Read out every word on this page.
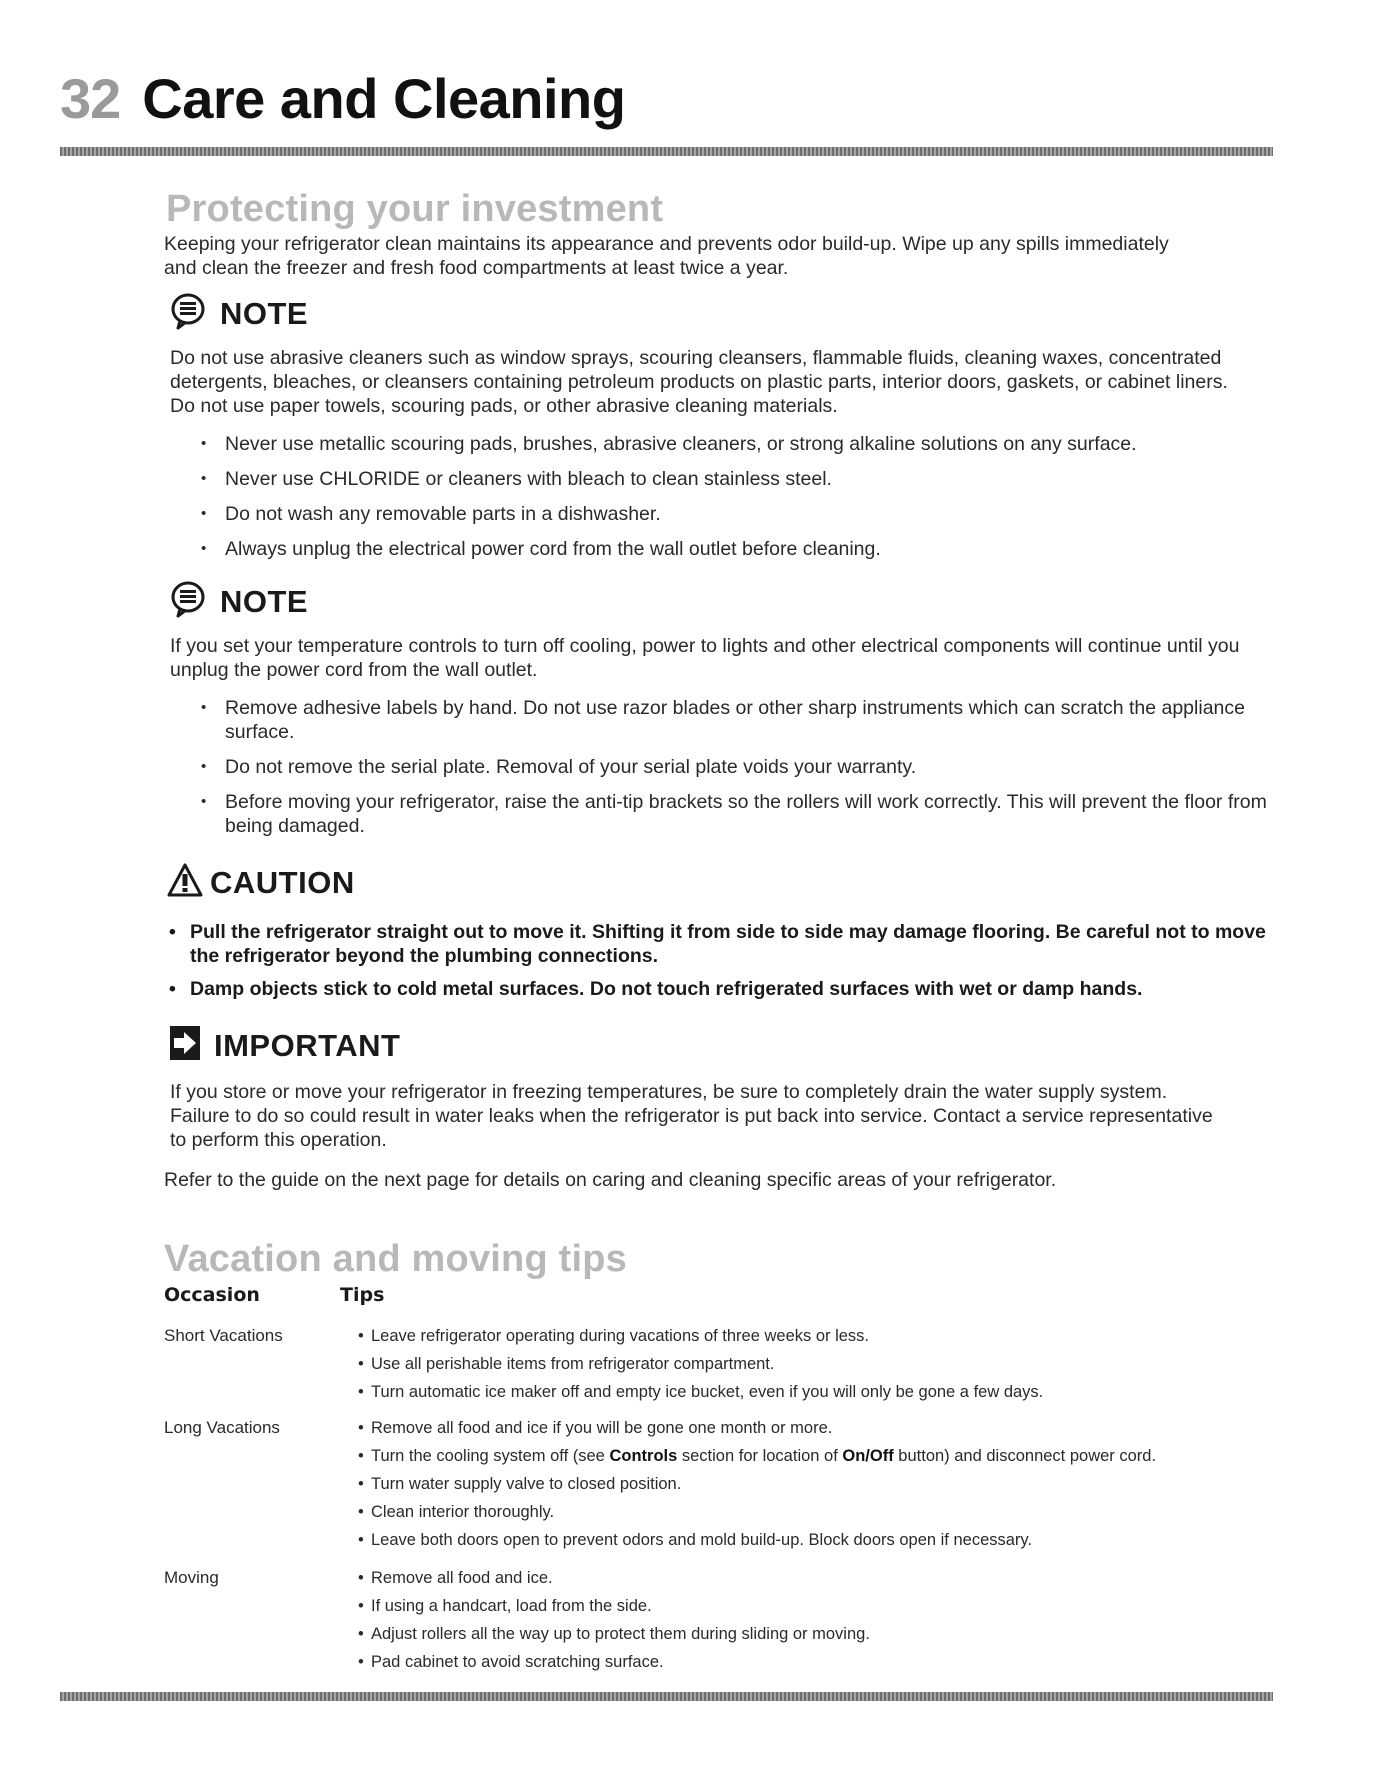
32 Care and Cleaning
Protecting your investment
Keeping your refrigerator clean maintains its appearance and prevents odor build-up. Wipe up any spills immediately and clean the freezer and fresh food compartments at least twice a year.
NOTE
Do not use abrasive cleaners such as window sprays, scouring cleansers, flammable fluids, cleaning waxes, concentrated detergents, bleaches, or cleansers containing petroleum products on plastic parts, interior doors, gaskets, or cabinet liners. Do not use paper towels, scouring pads, or other abrasive cleaning materials.
• Never use metallic scouring pads, brushes, abrasive cleaners, or strong alkaline solutions on any surface.
• Never use CHLORIDE or cleaners with bleach to clean stainless steel.
• Do not wash any removable parts in a dishwasher.
• Always unplug the electrical power cord from the wall outlet before cleaning.
NOTE
If you set your temperature controls to turn off cooling, power to lights and other electrical components will continue until you unplug the power cord from the wall outlet.
• Remove adhesive labels by hand. Do not use razor blades or other sharp instruments which can scratch the appliance surface.
• Do not remove the serial plate. Removal of your serial plate voids your warranty.
• Before moving your refrigerator, raise the anti-tip brackets so the rollers will work correctly. This will prevent the floor from being damaged.
CAUTION
• Pull the refrigerator straight out to move it. Shifting it from side to side may damage flooring. Be careful not to move the refrigerator beyond the plumbing connections.
• Damp objects stick to cold metal surfaces. Do not touch refrigerated surfaces with wet or damp hands.
IMPORTANT
If you store or move your refrigerator in freezing temperatures, be sure to completely drain the water supply system. Failure to do so could result in water leaks when the refrigerator is put back into service. Contact a service representative to perform this operation.
Refer to the guide on the next page for details on caring and cleaning specific areas of your refrigerator.
Vacation and moving tips
Occasion	Tips
Short Vacations	• Leave refrigerator operating during vacations of three weeks or less.
• Use all perishable items from refrigerator compartment.
• Turn automatic ice maker off and empty ice bucket, even if you will only be gone a few days.
Long Vacations	• Remove all food and ice if you will be gone one month or more.
• Turn the cooling system off (see Controls section for location of On/Off button) and disconnect power cord.
• Turn water supply valve to closed position.
• Clean interior thoroughly.
• Leave both doors open to prevent odors and mold build-up. Block doors open if necessary.
Moving	• Remove all food and ice.
• If using a handcart, load from the side.
• Adjust rollers all the way up to protect them during sliding or moving.
• Pad cabinet to avoid scratching surface.
